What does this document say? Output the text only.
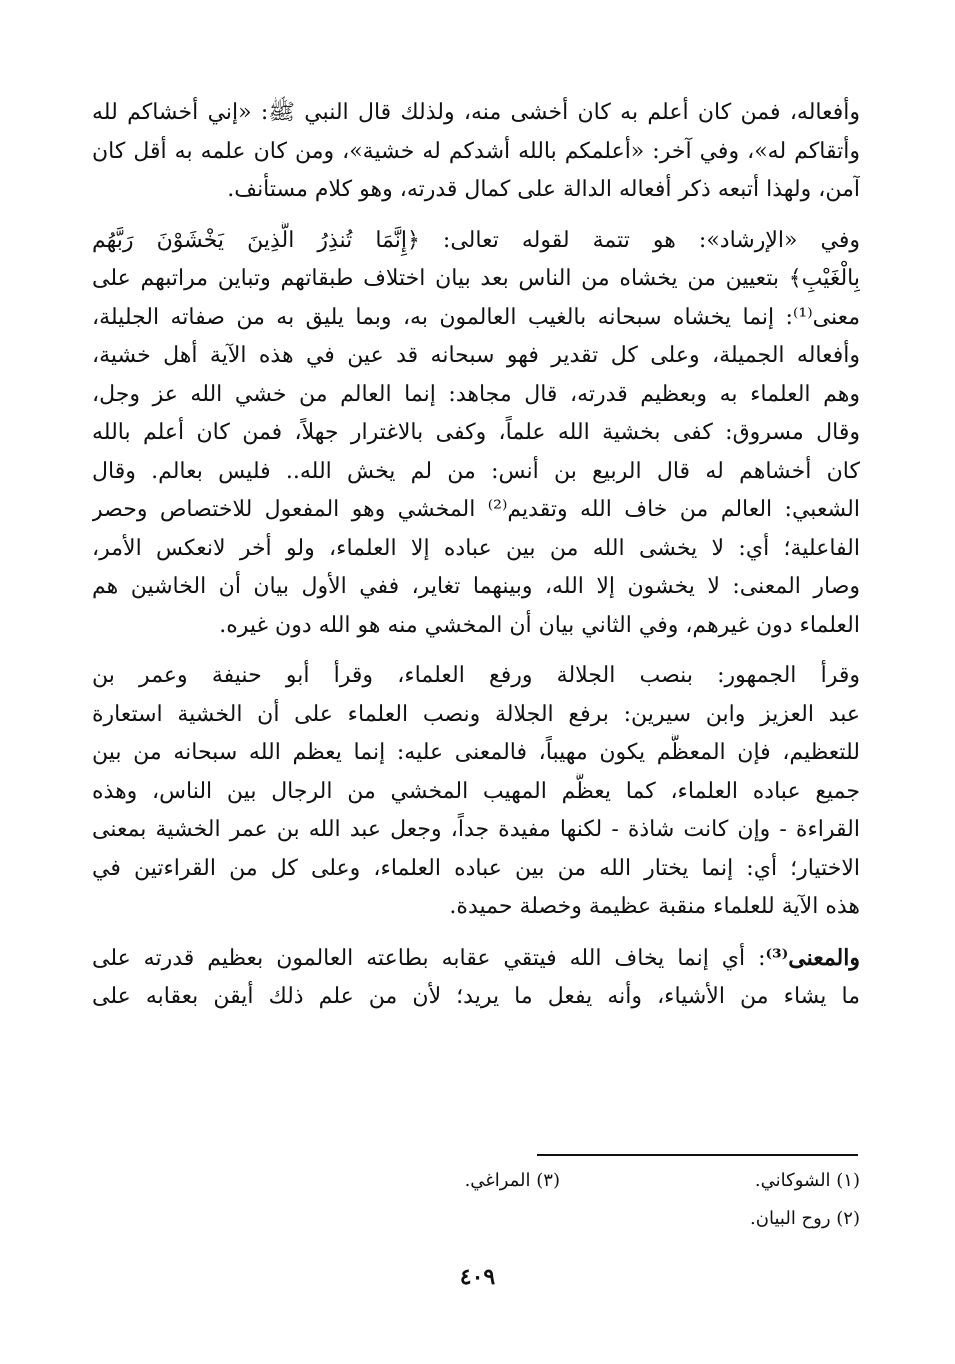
وأفعاله، فمن كان أعلم به كان أخشى منه، ولذلك قال النبي ﷺ: «إني أخشاكم لله
وأتقاكم له»، وفي آخر: «أعلمكم بالله أشدكم له خشية»، ومن كان علمه به أقل كان
آمن، ولهذا أتبعه ذكر أفعاله الدالة على كمال قدرته، وهو كلام مستأنف.
وفي «الإرشاد»: هو تتمة لقوله تعالى: ﴿إِنَّمَا تُنذِرُ الَّذِينَ يَخْشَوْنَ رَبَّهُم
بِالْغَيْبِ﴾ بتعيين من يخشاه من الناس بعد بيان اختلاف طبقاتهم وتباين مراتبهم على
معنى⁽¹⁾: إنما يخشاه سبحانه بالغيب العالمون به، وبما يليق به من صفاته الجليلة،
وأفعاله الجميلة، وعلى كل تقدير فهو سبحانه قد عين في هذه الآية أهل خشية،
وهم العلماء به وبعظيم قدرته، قال مجاهد: إنما العالم من خشي الله عز وجل،
وقال مسروق: كفى بخشية الله علماً، وكفى بالاغترار جهلاً، فمن كان أعلم بالله
كان أخشاهم له قال الربيع بن أنس: من لم يخش الله.. فليس بعالم. وقال
الشعبي: العالم من خاف الله وتقديم⁽²⁾ المخشي وهو المفعول للاختصاص وحصر
الفاعلية؛ أي: لا يخشى الله من بين عباده إلا العلماء، ولو أخر لانعكس الأمر،
وصار المعنى: لا يخشون إلا الله، وبينهما تغاير، ففي الأول بيان أن الخاشين هم
العلماء دون غيرهم، وفي الثاني بيان أن المخشي منه هو الله دون غيره.
وقرأ الجمهور: بنصب الجلالة ورفع العلماء، وقرأ أبو حنيفة وعمر بن
عبد العزيز وابن سيرين: برفع الجلالة ونصب العلماء على أن الخشية استعارة
للتعظيم، فإن المعظَّم يكون مهيباً، فالمعنى عليه: إنما يعظم الله سبحانه من بين
جميع عباده العلماء، كما يعظَّم المهيب المخشي من الرجال بين الناس، وهذه
القراءة - وإن كانت شاذة - لكنها مفيدة جداً، وجعل عبد الله بن عمر الخشية بمعنى
الاختيار؛ أي: إنما يختار الله من بين عباده العلماء، وعلى كل من القراءتين في
هذه الآية للعلماء منقبة عظيمة وخصلة حميدة.
والمعنى⁽³⁾: أي إنما يخاف الله فيتقي عقابه بطاعته العالمون بعظيم قدرته على
ما يشاء من الأشياء، وأنه يفعل ما يريد؛ لأن من علم ذلك أيقن بعقابه على
(١) الشوكاني.
(٣) المراغي.
(٢) روح البيان.
٤٠٩
